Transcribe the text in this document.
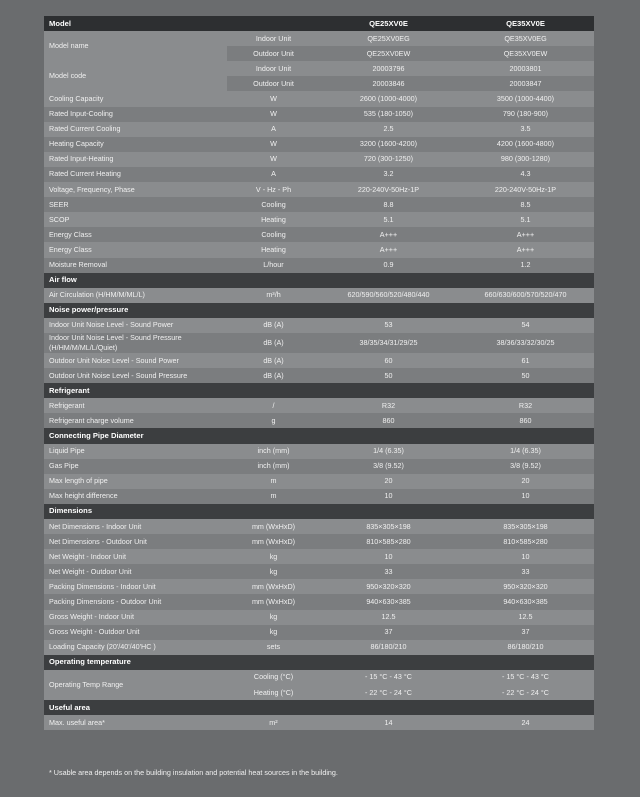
Model		QE25XV0E	QE35XV0E
Model name	Indoor Unit	QE25XV0EG	QE35XV0EG
	Outdoor Unit	QE25XV0EW	QE35XV0EW
Model code	Indoor Unit	20003796	20003801
	Outdoor Unit	20003846	20003847
Cooling Capacity	W	2600 (1000-4000)	3500 (1000-4400)
Rated Input-Cooling	W	535 (180-1050)	790 (180-900)
Rated Current Cooling	A	2.5	3.5
Heating Capacity	W	3200 (1600-4200)	4200 (1600-4800)
Rated Input-Heating	W	720 (300-1250)	980 (300-1280)
Rated Current Heating	A	3.2	4.3
Voltage, Frequency, Phase	V - Hz - Ph	220-240V-50Hz-1P	220-240V-50Hz-1P
SEER	Cooling	8.8	8.5
SCOP	Heating	5.1	5.1
Energy Class	Cooling	A+++	A+++
Energy Class	Heating	A+++	A+++
Moisture Removal	L/hour	0.9	1.2
Air flow			
Air Circulation (H/HM/M/ML/L)	m³/h	620/590/560/520/480/440	660/630/600/570/520/470
Noise power/pressure			
Indoor Unit Noise Level - Sound Power	dB (A)	53	54
Indoor Unit Noise Level - Sound Pressure (H/HM/M/ML/L/Quiet)	dB (A)	38/35/34/31/29/25	38/36/33/32/30/25
Outdoor Unit Noise Level - Sound Power	dB (A)	60	61
Outdoor Unit Noise Level - Sound Pressure	dB (A)	50	50
Refrigerant			
Refrigerant	/	R32	R32
Refrigerant charge volume	g	860	860
Connecting Pipe Diameter			
Liquid Pipe	inch (mm)	1/4 (6.35)	1/4 (6.35)
Gas Pipe	inch (mm)	3/8 (9.52)	3/8 (9.52)
Max length of pipe	m	20	20
Max height difference	m	10	10
Dimensions			
Net Dimensions - Indoor Unit	mm (WxHxD)	835×305×198	835×305×198
Net Dimensions - Outdoor Unit	mm (WxHxD)	810×585×280	810×585×280
Net Weight - Indoor Unit	kg	10	10
Net Weight - Outdoor Unit	kg	33	33
Packing Dimensions - Indoor Unit	mm (WxHxD)	950×320×320	950×320×320
Packing Dimensions - Outdoor Unit	mm (WxHxD)	940×630×385	940×630×385
Gross Weight - Indoor Unit	kg	12.5	12.5
Gross Weight - Outdoor Unit	kg	37	37
Loading Capacity (20'/40'/40'HC )	sets	86/180/210	86/180/210
Operating temperature			
Operating Temp Range	Cooling (°C)	- 15 °C - 43 °C	- 15 °C - 43 °C
	Heating (°C)	- 22 °C - 24 °C	- 22 °C - 24 °C
Useful area			
Max. useful area*	m²	14	24
* Usable area depends on the building insulation and potential heat sources in the building.
